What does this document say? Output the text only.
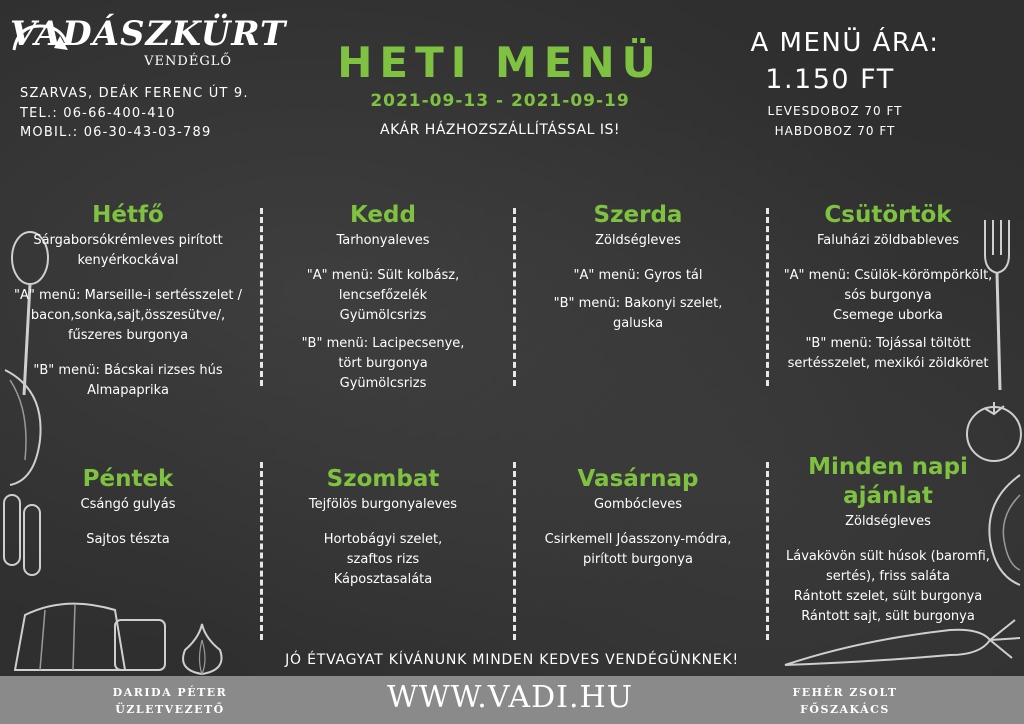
VADÁSZKÜRT
VENDÉGLŐ
SZARVAS, DEÁK FERENC ÚT 9.
TEL.: 06-66-400-410
MOBIL.: 06-30-43-03-789
HETI MENÜ
2021-09-13 - 2021-09-19
AKÁR HÁZHOZSZÁLLÍTÁSSAL IS!
A MENÜ ÁRA:
1.150 FT
LEVESDOBOZ 70 FT
HABDOBOZ 70 FT
Hétfő

Sárgaborsókrémleves pirított

kenyérkockával

"A" menü: Marseille-i sertésszelet /

bacon,sonka,sajt,összesütve/,

fűszeres burgonya

"B" menü: Bácskai rizses hús

Almapaprika

Kedd

Tarhonyaleves

"A" menü: Sült kolbász,

lencsefőzelék

Gyümölcsrizs

"B" menü: Lacipecsenye,

tört burgonya

Gyümölcsrizs

Szerda

Zöldségleves

"A" menü: Gyros tál

"B" menü: Bakonyi szelet,

galuska

Csütörtök

Faluházi zöldbableves

"A" menü: Csülök-körömpörkölt,

sós burgonya

Csemege uborka

"B" menü: Tojással töltött

sertésszelet, mexikói zöldköret

Péntek

Csángó gulyás

Sajtos tészta

Szombat

Tejfölös burgonyaleves

Hortobágyi szelet,

szaftos rizs

Káposztasaláta

Vasárnap

Gombócleves

Csirkemell Jóasszony-módra,

pirított burgonya

Minden napi
ajánlat

Zöldségleves

Lávakövön sült húsok (baromfi,

sertés), friss saláta

Rántott szelet, sült burgonya

Rántott sajt, sült burgonya

JÓ ÉTVAGYAT KÍVÁNUNK MINDEN KEDVES VENDÉGÜNKNEK!
DARIDA PÉTER
ÜZLETVEZETŐ	WWW.VADI.HU	FEHÉR ZSOLT
FŐSZAKÁCS
